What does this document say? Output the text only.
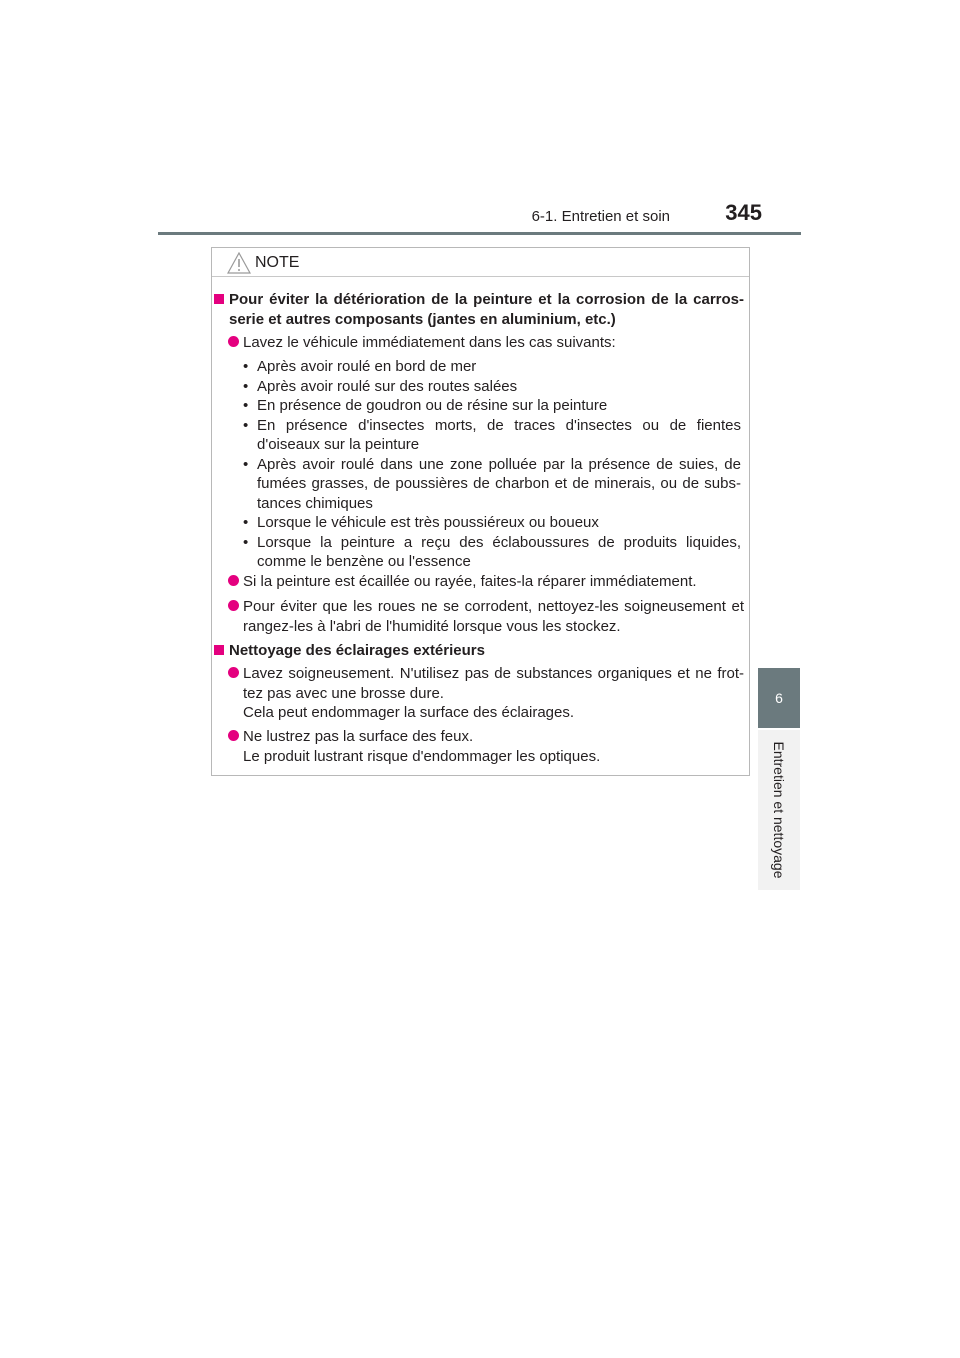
6-1. Entretien et soin	345
6
Entretien et nettoyage
NOTE
Pour éviter la détérioration de la peinture et la corrosion de la carros- serie et autres composants (jantes en aluminium, etc.)
Lavez le véhicule immédiatement dans les cas suivants:
• Après avoir roulé en bord de mer
• Après avoir roulé sur des routes salées
• En présence de goudron ou de résine sur la peinture
• En présence d'insectes morts, de traces d'insectes ou de fientes d'oiseaux sur la peinture
• Après avoir roulé dans une zone polluée par la présence de suies, de fumées grasses, de poussières de charbon et de minerais, ou de subs- tances chimiques
• Lorsque le véhicule est très poussiéreux ou boueux
• Lorsque la peinture a reçu des éclaboussures de produits liquides, comme le benzène ou l'essence
Si la peinture est écaillée ou rayée, faites-la réparer immédiatement.
Pour éviter que les roues ne se corrodent, nettoyez-les soigneusement et rangez-les à l'abri de l'humidité lorsque vous les stockez.
Nettoyage des éclairages extérieurs
Lavez soigneusement. N'utilisez pas de substances organiques et ne frot- tez pas avec une brosse dure.
Cela peut endommager la surface des éclairages.
Ne lustrez pas la surface des feux.
Le produit lustrant risque d'endommager les optiques.
